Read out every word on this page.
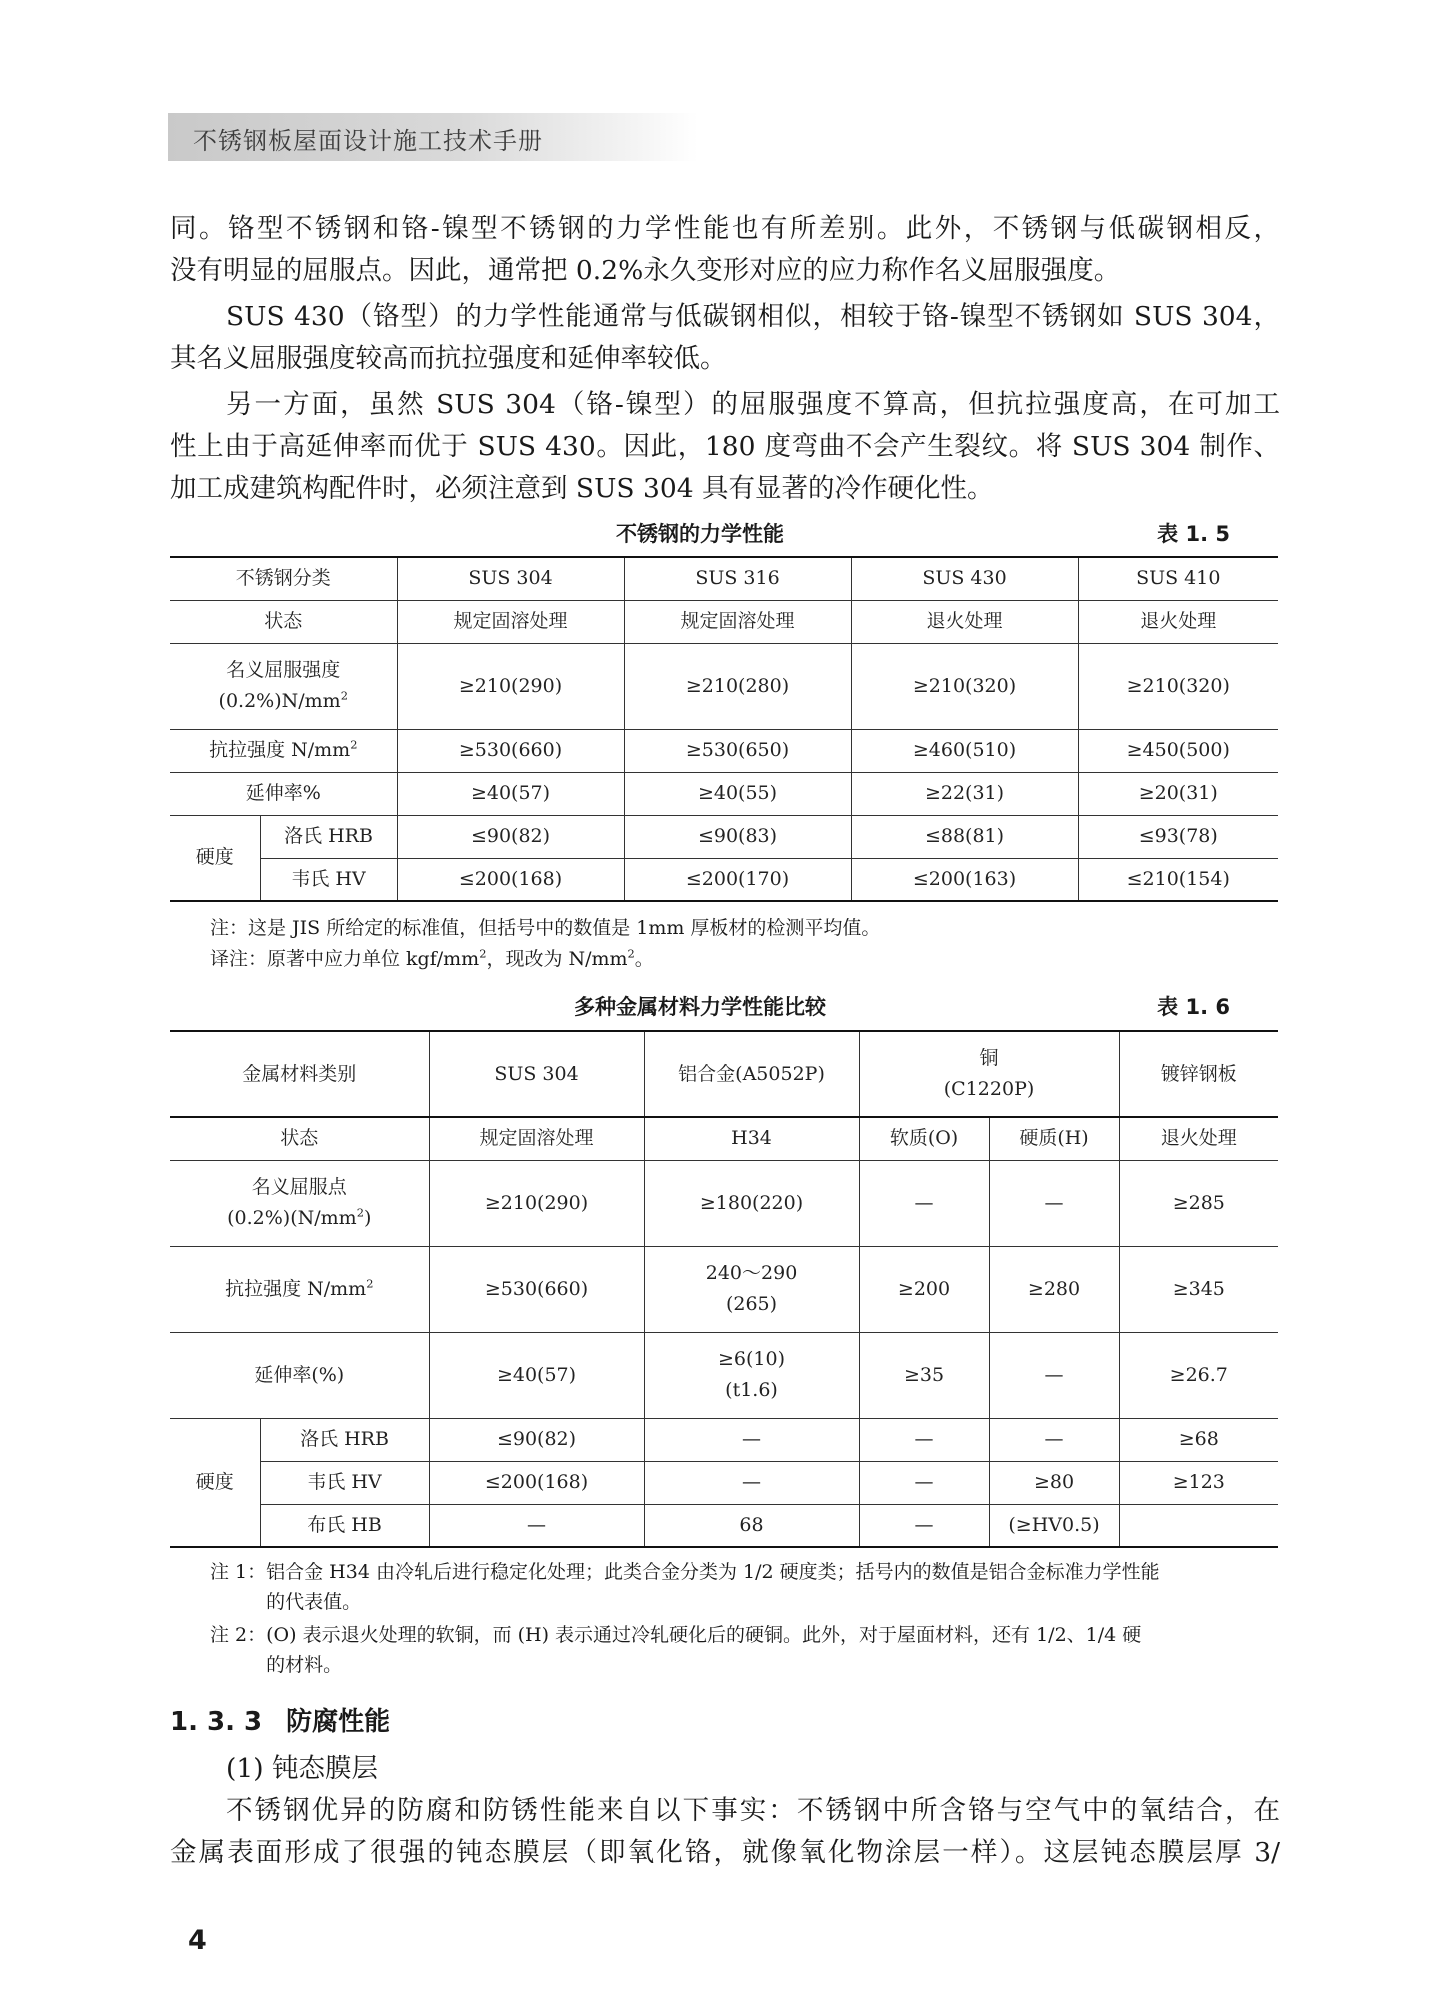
不锈钢板屋面设计施工技术手册

同。铬型不锈钢和铬-镍型不锈钢的力学性能也有所差别。此外，不锈钢与低碳钢相反，

没有明显的屈服点。因此，通常把 0.2%永久变形对应的应力称作名义屈服强度。

SUS 430（铬型）的力学性能通常与低碳钢相似，相较于铬-镍型不锈钢如 SUS 304，

其名义屈服强度较高而抗拉强度和延伸率较低。

另一方面，虽然 SUS 304（铬-镍型）的屈服强度不算高，但抗拉强度高，在可加工

性上由于高延伸率而优于 SUS 430。因此，180 度弯曲不会产生裂纹。将 SUS 304 制作、

加工成建筑构配件时，必须注意到 SUS 304 具有显著的冷作硬化性。

不锈钢的力学性能	表 1. 5
不锈钢分类		SUS 304	SUS 316	SUS 430	SUS 410
状态		规定固溶处理	规定固溶处理	退火处理	退火处理

名义屈服强度
$(0.2\%)N/mm^2$		≥210(290)	≥210(280)	≥210(320)	≥210(320)
抗拉强度 $N/mm^2$		≥530(660)	≥530(650)	≥460(510)	≥450(500)
延伸率%		≥40(57)	≥40(55)	≥22(31)	≥20(31)
硬度	洛氏 HRB	≤90(82)	≤90(83)	≤88(81)	≤93(78)
	韦氏 HV	≤200(168)	≤200(170)	≤200(163)	≤210(154)

注：这是 JIS 所给定的标准值，但括号中的数值是 1mm 厚板材的检测平均值。

译注：原著中应力单位 kgf/$mm^2$，现改为 $N/mm^2$。

多种金属材料力学性能比较	表 1. 6
金属材料类别		SUS 304	铝合金(A5052P)	铜
(C1220P)		镀锌钢板
状态		规定固溶处理	H34	软质(O)	硬质(H)	退火处理

名义屈服点
$(0.2\%)(N/mm^2)$		≥210(290)	≥180(220)	—	—	≥285
抗拉强度 $N/mm^2$		≥530(660)	240～290
(265)	≥200	≥280	≥345
延伸率(%)		≥40(57)	≥6(10)
(t1.6)	≥35	—	≥26.7
硬度	洛氏 HRB	≤90(82)	—	—	—	≥68
	韦氏 HV	≤200(168)	—	—	≥80	≥123
	布氏 HB	—	68	—	(≥HV0.5)	
注 1： 铝合金 H34 由冷轧后进行稳定化处理；此类合金分类为 1/2 硬度类；括号内的数值是铝合金标准力学性能
的代表值。
注 2： (O) 表示退火处理的软铜，而 (H) 表示通过冷轧硬化后的硬铜。此外，对于屋面材料，还有 1/2、1/4 硬
的材料。
1. 3. 3 防腐性能
(1) 钝态膜层

不锈钢优异的防腐和防锈性能来自以下事实：不锈钢中所含铬与空气中的氧结合，在

金属表面形成了很强的钝态膜层（即氧化铬，就像氧化物涂层一样）。这层钝态膜层厚 3/

4
